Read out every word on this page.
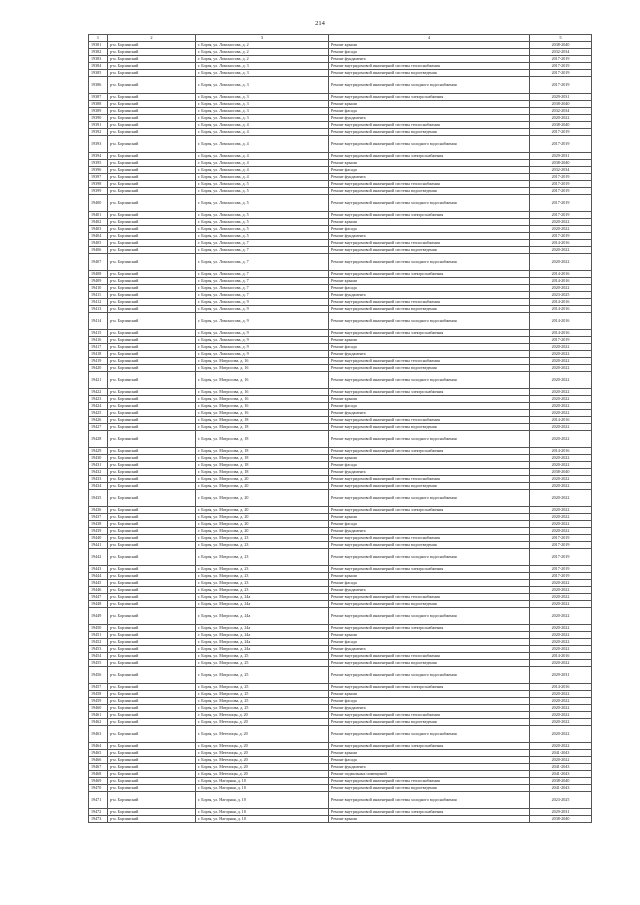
214
1	2	3	4	5
19381	р-н. Борзинский	г. Борзя, ул. Ломоносова, д. 2	Ремонт крыши	2038-2040
19382	р-н. Борзинский	г. Борзя, ул. Ломоносова, д. 2	Ремонт фасада	2032-2034
19383	р-н. Борзинский	г. Борзя, ул. Ломоносова, д. 2	Ремонт фундамента	2017-2019
19384	р-н. Борзинский	г. Борзя, ул. Ломоносова, д. 3	Ремонт внутридомовой инженерной системы теплоснабжения	2017-2019
19385	р-н. Борзинский	г. Борзя, ул. Ломоносова, д. 3	Ремонт внутридомовой инженерной системы водоотведения	2017-2019
19386	р-н. Борзинский	г. Борзя, ул. Ломоносова, д. 3	Ремонт внутридомовой инженерной системы холодного водоснабжения	2017-2019
19387	р-н. Борзинский	г. Борзя, ул. Ломоносова, д. 3	Ремонт внутридомовой инженерной системы электроснабжения	2029-2031
19388	р-н. Борзинский	г. Борзя, ул. Ломоносова, д. 3	Ремонт крыши	2038-2040
19389	р-н. Борзинский	г. Борзя, ул. Ломоносова, д. 3	Ремонт фасада	2032-2034
19390	р-н. Борзинский	г. Борзя, ул. Ломоносова, д. 3	Ремонт фундамента	2020-2022
19391	р-н. Борзинский	г. Борзя, ул. Ломоносова, д. 4	Ремонт внутридомовой инженерной системы теплоснабжения	2038-2040
19392	р-н. Борзинский	г. Борзя, ул. Ломоносова, д. 4	Ремонт внутридомовой инженерной системы водоотведения	2017-2019
19393	р-н. Борзинский	г. Борзя, ул. Ломоносова, д. 4	Ремонт внутридомовой инженерной системы холодного водоснабжения	2017-2019
19394	р-н. Борзинский	г. Борзя, ул. Ломоносова, д. 4	Ремонт внутридомовой инженерной системы электроснабжения	2029-2031
19395	р-н. Борзинский	г. Борзя, ул. Ломоносова, д. 4	Ремонт крыши	2038-2040
19396	р-н. Борзинский	г. Борзя, ул. Ломоносова, д. 4	Ремонт фасада	2032-2034
19397	р-н. Борзинский	г. Борзя, ул. Ломоносова, д. 4	Ремонт фундамента	2017-2019
19398	р-н. Борзинский	г. Борзя, ул. Ломоносова, д. 5	Ремонт внутридомовой инженерной системы теплоснабжения	2017-2019
19399	р-н. Борзинский	г. Борзя, ул. Ломоносова, д. 5	Ремонт внутридомовой инженерной системы водоотведения	2017-2019
19400	р-н. Борзинский	г. Борзя, ул. Ломоносова, д. 5	Ремонт внутридомовой инженерной системы холодного водоснабжения	2017-2019
19401	р-н. Борзинский	г. Борзя, ул. Ломоносова, д. 5	Ремонт внутридомовой инженерной системы электроснабжения	2017-2019
19402	р-н. Борзинский	г. Борзя, ул. Ломоносова, д. 5	Ремонт крыши	2020-2022
19403	р-н. Борзинский	г. Борзя, ул. Ломоносова, д. 5	Ремонт фасада	2020-2022
19404	р-н. Борзинский	г. Борзя, ул. Ломоносова, д. 5	Ремонт фундамента	2017-2019
19405	р-н. Борзинский	г. Борзя, ул. Ломоносова, д. 7	Ремонт внутридомовой инженерной системы теплоснабжения	2014-2016
19406	р-н. Борзинский	г. Борзя, ул. Ломоносова, д. 7	Ремонт внутридомовой инженерной системы водоотведения	2020-2022
19407	р-н. Борзинский	г. Борзя, ул. Ломоносова, д. 7	Ремонт внутридомовой инженерной системы холодного водоснабжения	2020-2022
19408	р-н. Борзинский	г. Борзя, ул. Ломоносова, д. 7	Ремонт внутридомовой инженерной системы электроснабжения	2014-2016
19409	р-н. Борзинский	г. Борзя, ул. Ломоносова, д. 7	Ремонт крыши	2014-2016
19410	р-н. Борзинский	г. Борзя, ул. Ломоносова, д. 7	Ремонт фасада	2020-2022
19411	р-н. Борзинский	г. Борзя, ул. Ломоносова, д. 7	Ремонт фундамента	2023-2025
19412	р-н. Борзинский	г. Борзя, ул. Ломоносова, д. 9	Ремонт внутридомовой инженерной системы теплоснабжения	2014-2016
19413	р-н. Борзинский	г. Борзя, ул. Ломоносова, д. 9	Ремонт внутридомовой инженерной системы водоотведения	2014-2016
19414	р-н. Борзинский	г. Борзя, ул. Ломоносова, д. 9	Ремонт внутридомовой инженерной системы холодного водоснабжения	2014-2016
19415	р-н. Борзинский	г. Борзя, ул. Ломоносова, д. 9	Ремонт внутридомовой инженерной системы электроснабжения	2014-2016
19416	р-н. Борзинский	г. Борзя, ул. Ломоносова, д. 9	Ремонт крыши	2017-2019
19417	р-н. Борзинский	г. Борзя, ул. Ломоносова, д. 9	Ремонт фасада	2020-2022
19418	р-н. Борзинский	г. Борзя, ул. Ломоносова, д. 9	Ремонт фундамента	2020-2022
19419	р-н. Борзинский	г. Борзя, ул. Матросова, д. 16	Ремонт внутридомовой инженерной системы теплоснабжения	2020-2022
19420	р-н. Борзинский	г. Борзя, ул. Матросова, д. 16	Ремонт внутридомовой инженерной системы водоотведения	2020-2022
19421	р-н. Борзинский	г. Борзя, ул. Матросова, д. 16	Ремонт внутридомовой инженерной системы холодного водоснабжения	2020-2022
19422	р-н. Борзинский	г. Борзя, ул. Матросова, д. 16	Ремонт внутридомовой инженерной системы электроснабжения	2020-2022
19423	р-н. Борзинский	г. Борзя, ул. Матросова, д. 16	Ремонт крыши	2020-2022
19424	р-н. Борзинский	г. Борзя, ул. Матросова, д. 16	Ремонт фасада	2020-2022
19425	р-н. Борзинский	г. Борзя, ул. Матросова, д. 16	Ремонт фундамента	2020-2022
19426	р-н. Борзинский	г. Борзя, ул. Матросова, д. 18	Ремонт внутридомовой инженерной системы теплоснабжения	2014-2016
19427	р-н. Борзинский	г. Борзя, ул. Матросова, д. 18	Ремонт внутридомовой инженерной системы водоотведения	2020-2022
19428	р-н. Борзинский	г. Борзя, ул. Матросова, д. 18	Ремонт внутридомовой инженерной системы холодного водоснабжения	2020-2022
19429	р-н. Борзинский	г. Борзя, ул. Матросова, д. 18	Ремонт внутридомовой инженерной системы электроснабжения	2014-2016
19430	р-н. Борзинский	г. Борзя, ул. Матросова, д. 18	Ремонт крыши	2020-2022
19431	р-н. Борзинский	г. Борзя, ул. Матросова, д. 18	Ремонт фасада	2020-2022
19432	р-н. Борзинский	г. Борзя, ул. Матросова, д. 18	Ремонт фундамента	2038-2040
19433	р-н. Борзинский	г. Борзя, ул. Матросова, д. 20	Ремонт внутридомовой инженерной системы теплоснабжения	2020-2022
19434	р-н. Борзинский	г. Борзя, ул. Матросова, д. 20	Ремонт внутридомовой инженерной системы водоотведения	2020-2022
19435	р-н. Борзинский	г. Борзя, ул. Матросова, д. 20	Ремонт внутридомовой инженерной системы холодного водоснабжения	2020-2022
19436	р-н. Борзинский	г. Борзя, ул. Матросова, д. 20	Ремонт внутридомовой инженерной системы электроснабжения	2020-2022
19437	р-н. Борзинский	г. Борзя, ул. Матросова, д. 20	Ремонт крыши	2020-2022
19438	р-н. Борзинский	г. Борзя, ул. Матросова, д. 20	Ремонт фасада	2020-2022
19439	р-н. Борзинский	г. Борзя, ул. Матросова, д. 20	Ремонт фундамента	2020-2022
19440	р-н. Борзинский	г. Борзя, ул. Матросова, д. 23	Ремонт внутридомовой инженерной системы теплоснабжения	2017-2019
19441	р-н. Борзинский	г. Борзя, ул. Матросова, д. 23	Ремонт внутридомовой инженерной системы водоотведения	2017-2019
19442	р-н. Борзинский	г. Борзя, ул. Матросова, д. 23	Ремонт внутридомовой инженерной системы холодного водоснабжения	2017-2019
19443	р-н. Борзинский	г. Борзя, ул. Матросова, д. 23	Ремонт внутридомовой инженерной системы электроснабжения	2017-2019
19444	р-н. Борзинский	г. Борзя, ул. Матросова, д. 23	Ремонт крыши	2017-2019
19445	р-н. Борзинский	г. Борзя, ул. Матросова, д. 23	Ремонт фасада	2020-2022
19446	р-н. Борзинский	г. Борзя, ул. Матросова, д. 23	Ремонт фундамента	2020-2022
19447	р-н. Борзинский	г. Борзя, ул. Матросова, д. 24а	Ремонт внутридомовой инженерной системы теплоснабжения	2020-2022
19448	р-н. Борзинский	г. Борзя, ул. Матросова, д. 24а	Ремонт внутридомовой инженерной системы водоотведения	2020-2022
19449	р-н. Борзинский	г. Борзя, ул. Матросова, д. 24а	Ремонт внутридомовой инженерной системы холодного водоснабжения	2020-2022
19450	р-н. Борзинский	г. Борзя, ул. Матросова, д. 24а	Ремонт внутридомовой инженерной системы электроснабжения	2020-2022
19451	р-н. Борзинский	г. Борзя, ул. Матросова, д. 24а	Ремонт крыши	2020-2022
19452	р-н. Борзинский	г. Борзя, ул. Матросова, д. 24а	Ремонт фасада	2020-2022
19453	р-н. Борзинский	г. Борзя, ул. Матросова, д. 24а	Ремонт фундамента	2020-2022
19454	р-н. Борзинский	г. Борзя, ул. Матросова, д. 25	Ремонт внутридомовой инженерной системы теплоснабжения	2014-2016
19455	р-н. Борзинский	г. Борзя, ул. Матросова, д. 25	Ремонт внутридомовой инженерной системы водоотведения	2020-2022
19456	р-н. Борзинский	г. Борзя, ул. Матросова, д. 25	Ремонт внутридомовой инженерной системы холодного водоснабжения	2029-2031
19457	р-н. Борзинский	г. Борзя, ул. Матросова, д. 25	Ремонт внутридомовой инженерной системы электроснабжения	2014-2016
19458	р-н. Борзинский	г. Борзя, ул. Матросова, д. 25	Ремонт крыши	2020-2022
19459	р-н. Борзинский	г. Борзя, ул. Матросова, д. 25	Ремонт фасада	2020-2022
19460	р-н. Борзинский	г. Борзя, ул. Матросова, д. 25	Ремонт фундамента	2020-2022
19461	р-н. Борзинский	г. Борзя, ул. Метелицы, д. 20	Ремонт внутридомовой инженерной системы теплоснабжения	2020-2022
19462	р-н. Борзинский	г. Борзя, ул. Метелицы, д. 20	Ремонт внутридомовой инженерной системы водоотведения	2020-2022
19463	р-н. Борзинский	г. Борзя, ул. Метелицы, д. 20	Ремонт внутридомовой инженерной системы холодного водоснабжения	2020-2022
19464	р-н. Борзинский	г. Борзя, ул. Метелицы, д. 20	Ремонт внутридомовой инженерной системы электроснабжения	2020-2022
19465	р-н. Борзинский	г. Борзя, ул. Метелицы, д. 20	Ремонт крыши	2041-2043
19466	р-н. Борзинский	г. Борзя, ул. Метелицы, д. 20	Ремонт фасада	2020-2022
19467	р-н. Борзинский	г. Борзя, ул. Метелицы, д. 20	Ремонт фундамента	2041-2043
19468	р-н. Борзинский	г. Борзя, ул. Метелицы, д. 20	Ремонт подвальных помещений	2041-2043
19469	р-н. Борзинский	г. Борзя, ул. Нагорная, д. 10	Ремонт внутридомовой инженерной системы теплоснабжения	2038-2040
19470	р-н. Борзинский	г. Борзя, ул. Нагорная, д. 10	Ремонт внутридомовой инженерной системы водоотведения	2041-2043
19471	р-н. Борзинский	г. Борзя, ул. Нагорная, д. 10	Ремонт внутридомовой инженерной системы холодного водоснабжения	2023-2025
19472	р-н. Борзинский	г. Борзя, ул. Нагорная, д. 10	Ремонт внутридомовой инженерной системы электроснабжения	2029-2031
19473	р-н. Борзинский	г. Борзя, ул. Нагорная, д. 10	Ремонт крыши	2038-2040
